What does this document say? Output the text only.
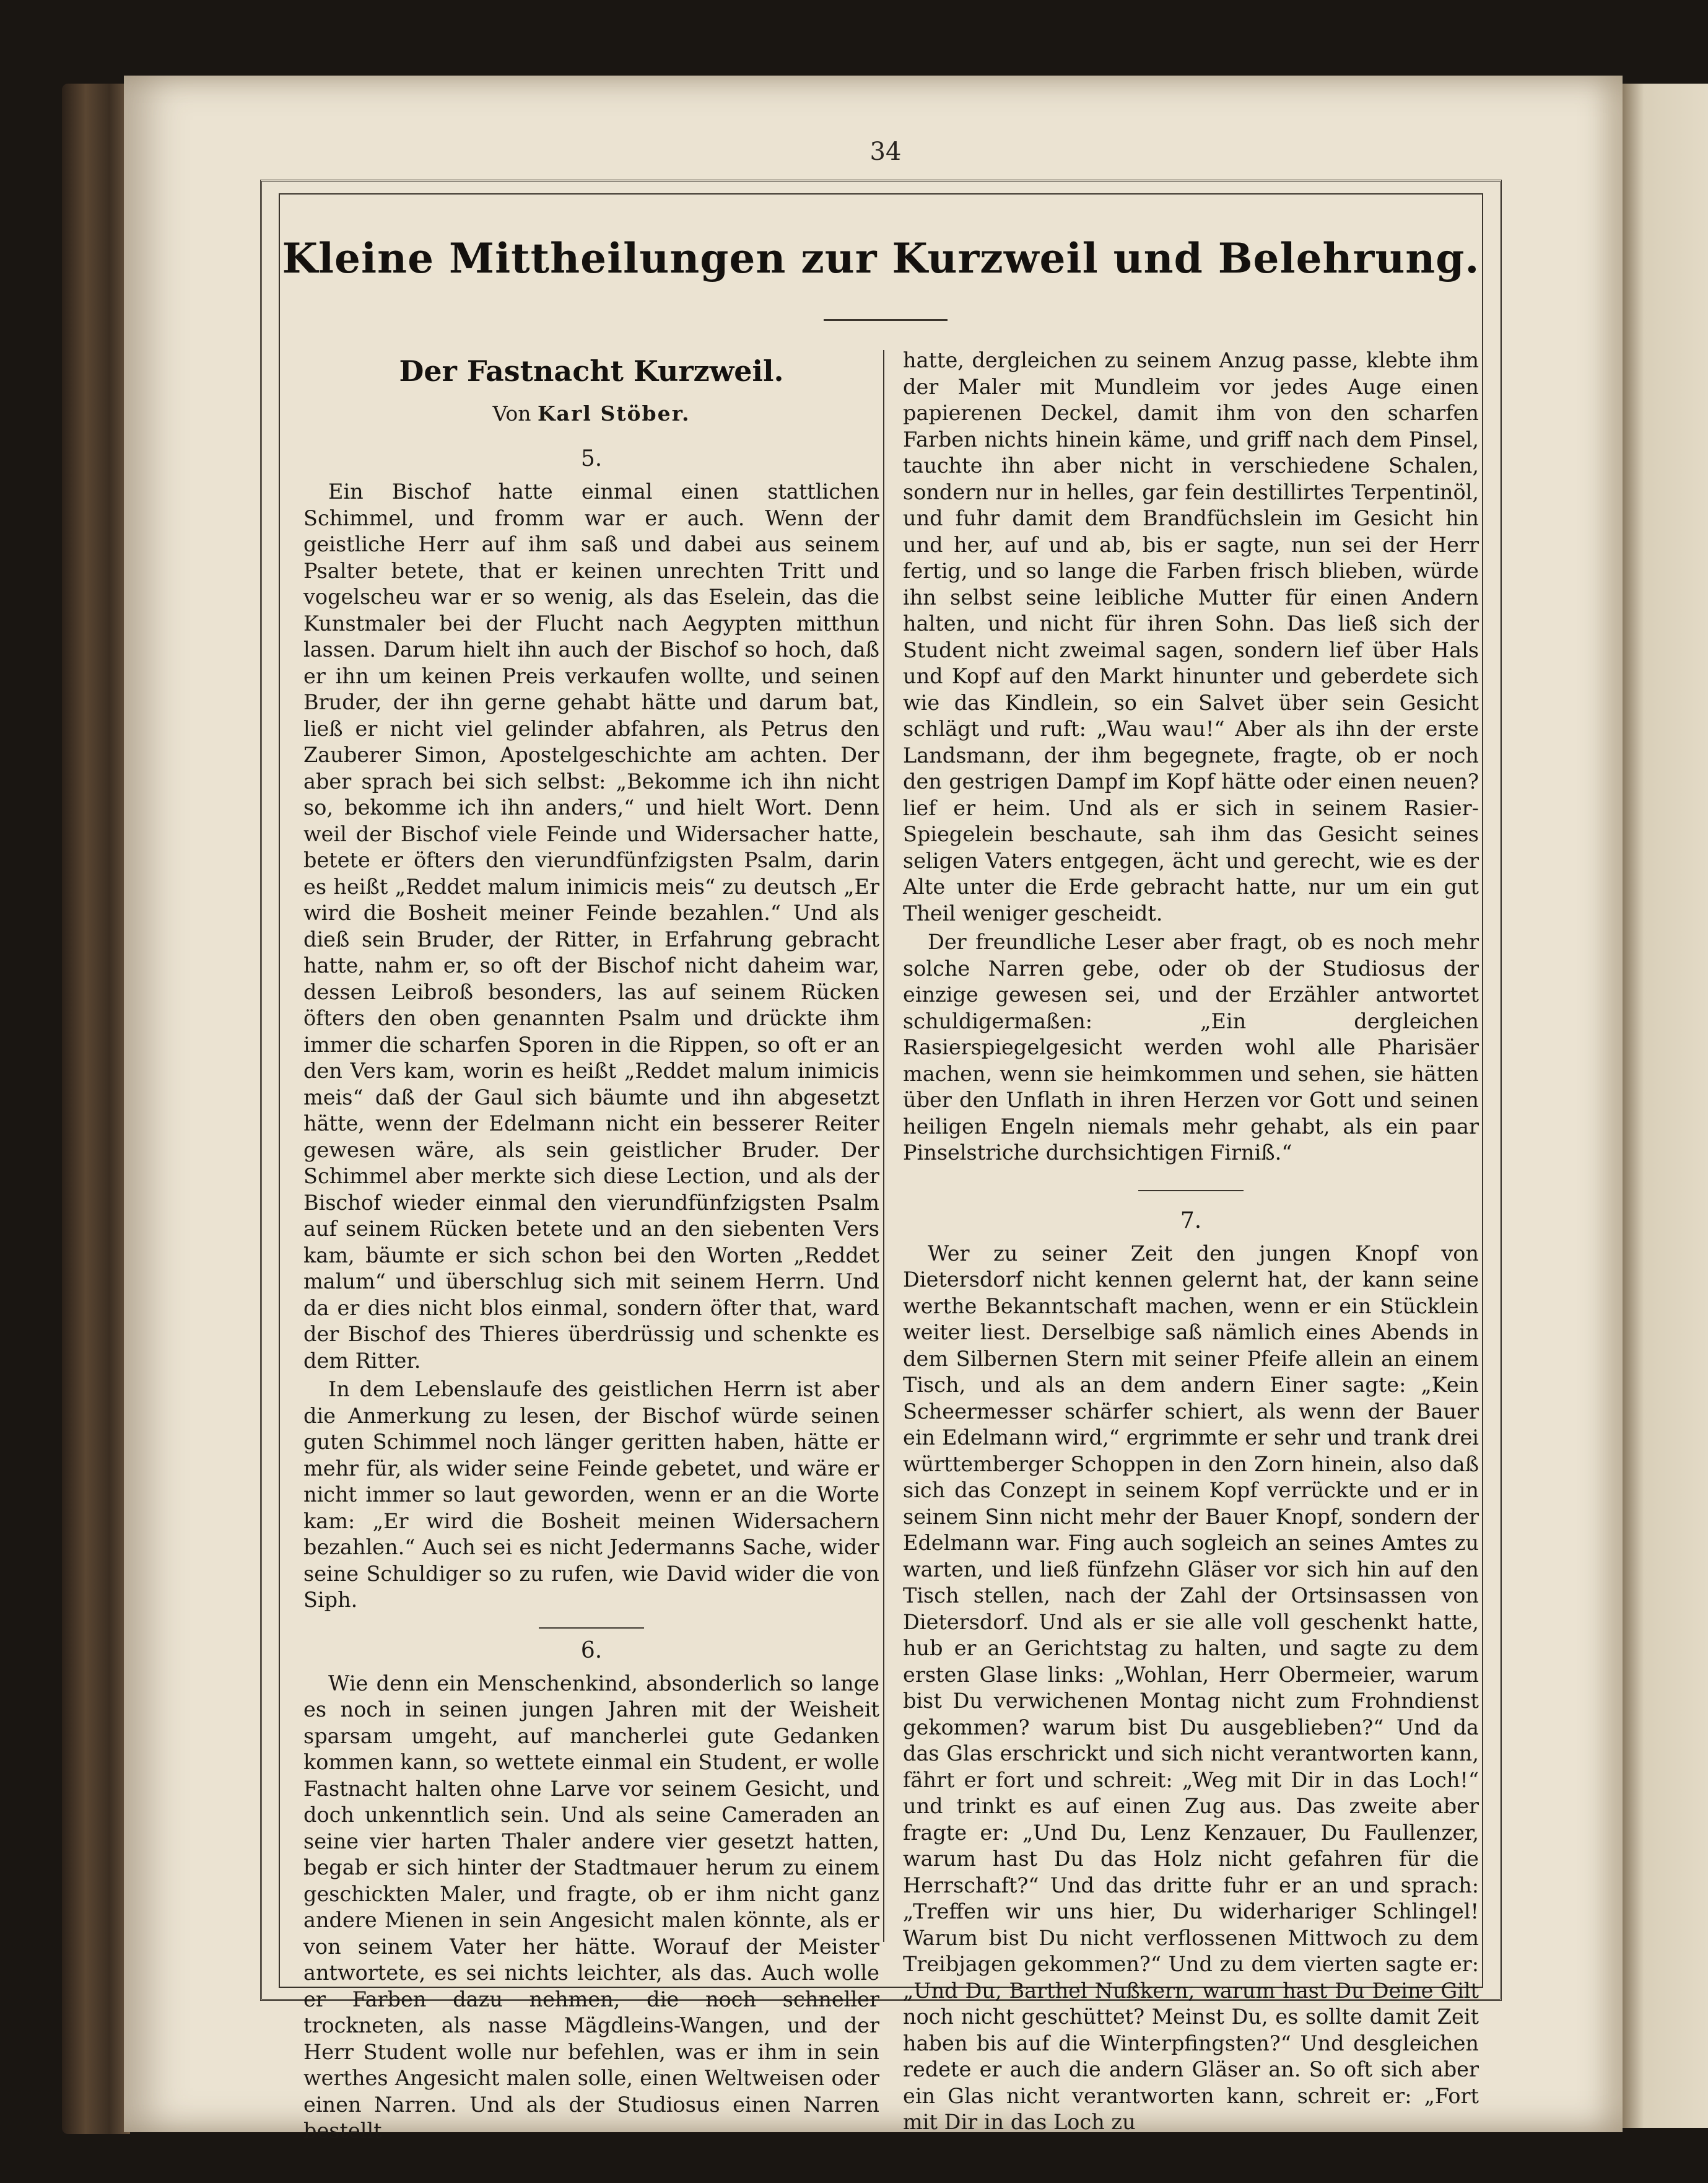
34
Kleine Mittheilungen zur Kurzweil und Belehrung.
Der Fastnacht Kurzweil.
Von Karl Stöber.
5.

Ein Bischof hatte einmal einen stattlichen Schimmel, und fromm war er auch. Wenn der geistliche Herr auf ihm saß und dabei aus seinem Psalter betete, that er keinen unrechten Tritt und vogelscheu war er so wenig, als das Eselein, das die Kunstmaler bei der Flucht nach Aegypten mitthun lassen. Darum hielt ihn auch der Bischof so hoch, daß er ihn um keinen Preis verkaufen wollte, und seinen Bruder, der ihn gerne gehabt hätte und darum bat, ließ er nicht viel gelinder abfahren, als Petrus den Zauberer Simon, Apostelgeschichte am achten. Der aber sprach bei sich selbst: „Bekomme ich ihn nicht so, bekomme ich ihn anders,“ und hielt Wort. Denn weil der Bischof viele Feinde und Widersacher hatte, betete er öfters den vierundfünfzigsten Psalm, darin es heißt „Reddet malum inimicis meis“ zu deutsch „Er wird die Bosheit meiner Feinde bezahlen.“ Und als dieß sein Bruder, der Ritter, in Erfahrung gebracht hatte, nahm er, so oft der Bischof nicht daheim war, dessen Leibroß besonders, las auf seinem Rücken öfters den oben genannten Psalm und drückte ihm immer die scharfen Sporen in die Rippen, so oft er an den Vers kam, worin es heißt „Reddet malum inimicis meis“ daß der Gaul sich bäumte und ihn abgesetzt hätte, wenn der Edelmann nicht ein besserer Reiter gewesen wäre, als sein geistlicher Bruder. Der Schimmel aber merkte sich diese Lection, und als der Bischof wieder einmal den vierundfünfzigsten Psalm auf seinem Rücken betete und an den siebenten Vers kam, bäumte er sich schon bei den Worten „Reddet malum“ und überschlug sich mit seinem Herrn. Und da er dies nicht blos einmal, sondern öfter that, ward der Bischof des Thieres überdrüssig und schenkte es dem Ritter.

In dem Lebenslaufe des geistlichen Herrn ist aber die Anmerkung zu lesen, der Bischof würde seinen guten Schimmel noch länger geritten haben, hätte er mehr für, als wider seine Feinde gebetet, und wäre er nicht immer so laut geworden, wenn er an die Worte kam: „Er wird die Bosheit meinen Widersachern bezahlen.“ Auch sei es nicht Jedermanns Sache, wider seine Schuldiger so zu rufen, wie David wider die von Siph.

6.

Wie denn ein Menschenkind, absonderlich so lange es noch in seinen jungen Jahren mit der Weisheit sparsam umgeht, auf mancherlei gute Gedanken kommen kann, so wettete einmal ein Student, er wolle Fastnacht halten ohne Larve vor seinem Gesicht, und doch unkenntlich sein. Und als seine Cameraden an seine vier harten Thaler andere vier gesetzt hatten, begab er sich hinter der Stadtmauer herum zu einem geschickten Maler, und fragte, ob er ihm nicht ganz andere Mienen in sein Angesicht malen könnte, als er von seinem Vater her hätte. Worauf der Meister antwortete, es sei nichts leichter, als das. Auch wolle er Farben dazu nehmen, die noch schneller trockneten, als nasse Mägdleins-Wangen, und der Herr Student wolle nur befehlen, was er ihm in sein werthes Angesicht malen solle, einen Weltweisen oder einen Narren. Und als der Studiosus einen Narren bestellt

hatte, dergleichen zu seinem Anzug passe, klebte ihm der Maler mit Mundleim vor jedes Auge einen papierenen Deckel, damit ihm von den scharfen Farben nichts hinein käme, und griff nach dem Pinsel, tauchte ihn aber nicht in verschiedene Schalen, sondern nur in helles, gar fein destillirtes Terpentinöl, und fuhr damit dem Brandfüchslein im Gesicht hin und her, auf und ab, bis er sagte, nun sei der Herr fertig, und so lange die Farben frisch blieben, würde ihn selbst seine leibliche Mutter für einen Andern halten, und nicht für ihren Sohn. Das ließ sich der Student nicht zweimal sagen, sondern lief über Hals und Kopf auf den Markt hinunter und geberdete sich wie das Kindlein, so ein Salvet über sein Gesicht schlägt und ruft: „Wau wau!“ Aber als ihn der erste Landsmann, der ihm begegnete, fragte, ob er noch den gestrigen Dampf im Kopf hätte oder einen neuen? lief er heim. Und als er sich in seinem Rasier-Spiegelein beschaute, sah ihm das Gesicht seines seligen Vaters entgegen, ächt und gerecht, wie es der Alte unter die Erde gebracht hatte, nur um ein gut Theil weniger gescheidt.

Der freundliche Leser aber fragt, ob es noch mehr solche Narren gebe, oder ob der Studiosus der einzige gewesen sei, und der Erzähler antwortet schuldigermaßen: „Ein dergleichen Rasierspiegelgesicht werden wohl alle Pharisäer machen, wenn sie heimkommen und sehen, sie hätten über den Unflath in ihren Herzen vor Gott und seinen heiligen Engeln niemals mehr gehabt, als ein paar Pinselstriche durchsichtigen Firniß.“

7.

Wer zu seiner Zeit den jungen Knopf von Dietersdorf nicht kennen gelernt hat, der kann seine werthe Bekanntschaft machen, wenn er ein Stücklein weiter liest. Derselbige saß nämlich eines Abends in dem Silbernen Stern mit seiner Pfeife allein an einem Tisch, und als an dem andern Einer sagte: „Kein Scheermesser schärfer schiert, als wenn der Bauer ein Edelmann wird,“ ergrimmte er sehr und trank drei württemberger Schoppen in den Zorn hinein, also daß sich das Conzept in seinem Kopf verrückte und er in seinem Sinn nicht mehr der Bauer Knopf, sondern der Edelmann war. Fing auch sogleich an seines Amtes zu warten, und ließ fünfzehn Gläser vor sich hin auf den Tisch stellen, nach der Zahl der Ortsinsassen von Dietersdorf. Und als er sie alle voll geschenkt hatte, hub er an Gerichtstag zu halten, und sagte zu dem ersten Glase links: „Wohlan, Herr Obermeier, warum bist Du verwichenen Montag nicht zum Frohndienst gekommen? warum bist Du ausgeblieben?“ Und da das Glas erschrickt und sich nicht verantworten kann, fährt er fort und schreit: „Weg mit Dir in das Loch!“ und trinkt es auf einen Zug aus. Das zweite aber fragte er: „Und Du, Lenz Kenzauer, Du Faullenzer, warum hast Du das Holz nicht gefahren für die Herrschaft?“ Und das dritte fuhr er an und sprach: „Treffen wir uns hier, Du widerhariger Schlingel! Warum bist Du nicht verflossenen Mittwoch zu dem Treibjagen gekommen?“ Und zu dem vierten sagte er: „Und Du, Barthel Nußkern, warum hast Du Deine Gilt noch nicht geschüttet? Meinst Du, es sollte damit Zeit haben bis auf die Winterpfingsten?“ Und desgleichen redete er auch die andern Gläser an. So oft sich aber ein Glas nicht verantworten kann, schreit er: „Fort mit Dir in das Loch zu
